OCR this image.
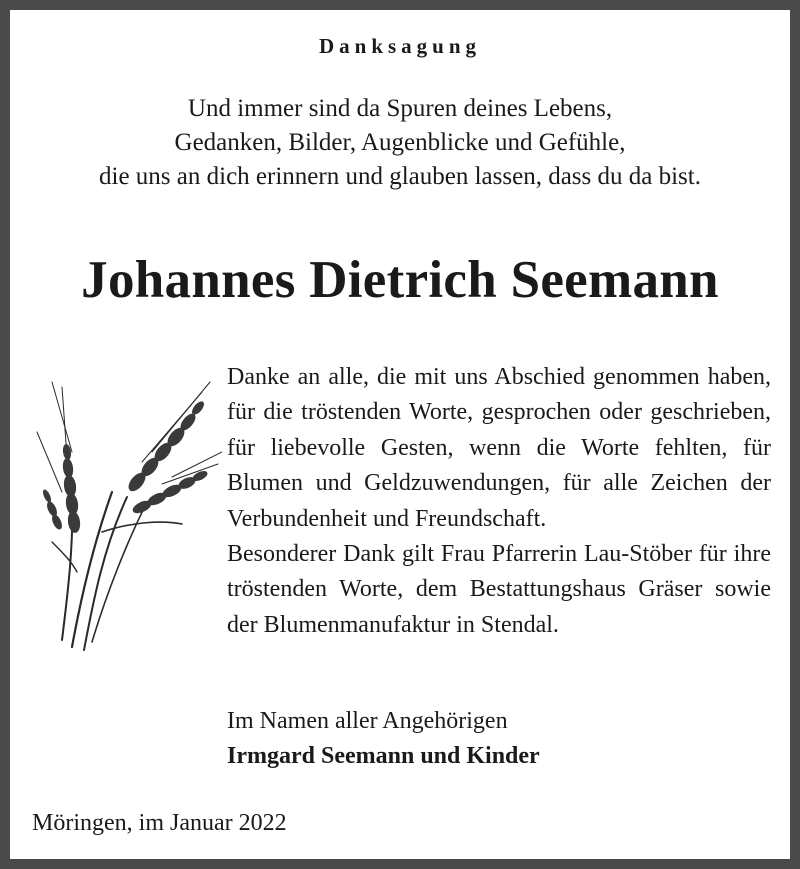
Danksagung
Und immer sind da Spuren deines Lebens,
Gedanken, Bilder, Augenblicke und Gefühle,
die uns an dich erinnern und glauben lassen, dass du da bist.
Johannes Dietrich Seemann

Danke an alle, die mit uns Abschied genommen haben, für die tröstenden Worte, gesprochen oder geschrieben, für liebevolle Gesten, wenn die Worte fehlten, für Blumen und Geldzuwendungen, für alle Zeichen der Verbundenheit und Freundschaft.

Besonderer Dank gilt Frau Pfarrerin Lau-Stöber für ihre tröstenden Worte, dem Bestattungshaus Gräser sowie der Blumenmanufaktur in Stendal.

Im Namen aller Angehörigen
Irmgard Seemann und Kinder
Möringen, im Januar 2022
